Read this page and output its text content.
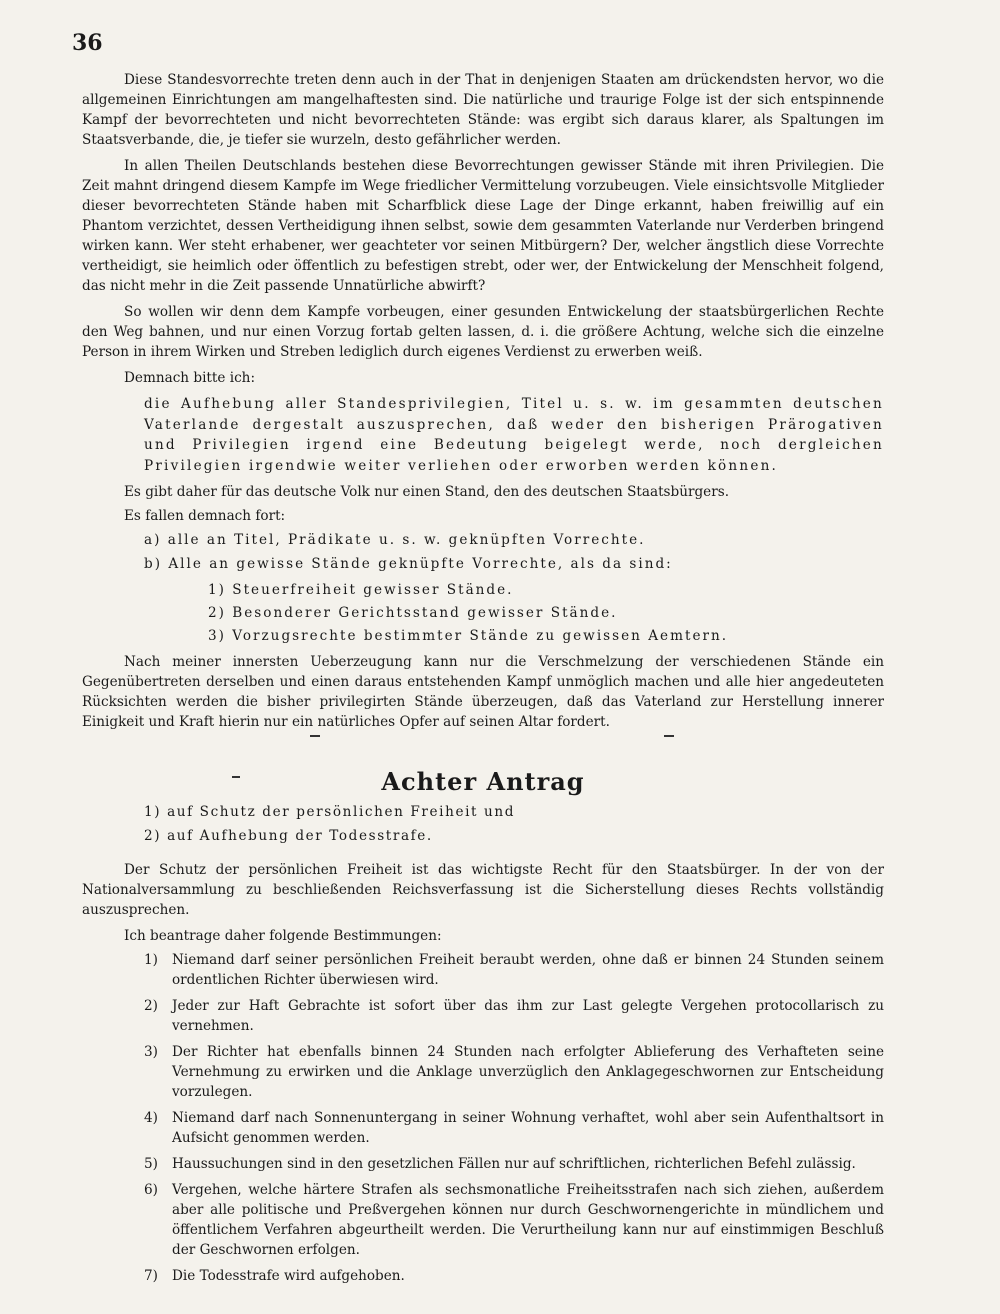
36

Diese Standesvorrechte treten denn auch in der That in denjenigen Staaten am drückendsten hervor, wo die allgemeinen Einrichtungen am mangelhaftesten sind. Die natürliche und traurige Folge ist der sich entspinnende Kampf der bevorrechteten und nicht bevorrechteten Stände: was ergibt sich daraus klarer, als Spaltungen im Staatsverbande, die, je tiefer sie wurzeln, desto gefährlicher werden.

In allen Theilen Deutschlands bestehen diese Bevorrechtungen gewisser Stände mit ihren Privilegien. Die Zeit mahnt dringend diesem Kampfe im Wege friedlicher Vermittelung vorzubeugen. Viele einsichtsvolle Mitglieder dieser bevorrechteten Stände haben mit Scharfblick diese Lage der Dinge erkannt, haben freiwillig auf ein Phantom verzichtet, dessen Vertheidigung ihnen selbst, sowie dem gesammten Vaterlande nur Verderben bringend wirken kann. Wer steht erhabener, wer geachteter vor seinen Mitbürgern? Der, welcher ängstlich diese Vorrechte vertheidigt, sie heimlich oder öffentlich zu befestigen strebt, oder wer, der Entwickelung der Menschheit folgend, das nicht mehr in die Zeit passende Unnatürliche abwirft?

So wollen wir denn dem Kampfe vorbeugen, einer gesunden Entwickelung der staatsbürgerlichen Rechte den Weg bahnen, und nur einen Vorzug fortab gelten lassen, d. i. die größere Achtung, welche sich die einzelne Person in ihrem Wirken und Streben lediglich durch eigenes Verdienst zu erwerben weiß.

Demnach bitte ich:

die Aufhebung aller Standesprivilegien, Titel u. s. w. im gesammten deutschen Vaterlande dergestalt auszusprechen, daß weder den bisherigen Prärogativen und Privilegien irgend eine Bedeutung beigelegt werde, noch dergleichen Privilegien irgendwie weiter verliehen oder erworben werden können.

Es gibt daher für das deutsche Volk nur einen Stand, den des deutschen Staatsbürgers.

Es fallen demnach fort:

a) alle an Titel, Prädikate u. s. w. geknüpften Vorrechte.
b) Alle an gewisse Stände geknüpfte Vorrechte, als da sind:
1) Steuerfreiheit gewisser Stände.
2) Besonderer Gerichtsstand gewisser Stände.
3) Vorzugsrechte bestimmter Stände zu gewissen Aemtern.

Nach meiner innersten Ueberzeugung kann nur die Verschmelzung der verschiedenen Stände ein Gegenübertreten derselben und einen daraus entstehenden Kampf unmöglich machen und alle hier angedeuteten Rücksichten werden die bisher privilegirten Stände überzeugen, daß das Vaterland zur Herstellung innerer Einigkeit und Kraft hierin nur ein natürliches Opfer auf seinen Altar fordert.

Achter Antrag
1) auf Schutz der persönlichen Freiheit und
2) auf Aufhebung der Todesstrafe.

Der Schutz der persönlichen Freiheit ist das wichtigste Recht für den Staatsbürger. In der von der Nationalversammlung zu beschließenden Reichsverfassung ist die Sicherstellung dieses Rechts vollständig auszusprechen.

Ich beantrage daher folgende Bestimmungen:

1)	Niemand darf seiner persönlichen Freiheit beraubt werden, ohne daß er binnen 24 Stunden seinem ordentlichen Richter überwiesen wird.
2)	Jeder zur Haft Gebrachte ist sofort über das ihm zur Last gelegte Vergehen protocollarisch zu vernehmen.
3)	Der Richter hat ebenfalls binnen 24 Stunden nach erfolgter Ablieferung des Verhafteten seine Vernehmung zu erwirken und die Anklage unverzüglich den Anklagegeschwornen zur Entscheidung vorzulegen.
4)	Niemand darf nach Sonnenuntergang in seiner Wohnung verhaftet, wohl aber sein Aufenthaltsort in Aufsicht genommen werden.
5)	Haussuchungen sind in den gesetzlichen Fällen nur auf schriftlichen, richterlichen Befehl zulässig.
6)	Vergehen, welche härtere Strafen als sechsmonatliche Freiheitsstrafen nach sich ziehen, außerdem aber alle politische und Preßvergehen können nur durch Geschwornengerichte in mündlichem und öffentlichem Verfahren abgeurtheilt werden. Die Verurtheilung kann nur auf einstimmigen Beschluß der Geschwornen erfolgen.
7)	Die Todesstrafe wird aufgehoben.
